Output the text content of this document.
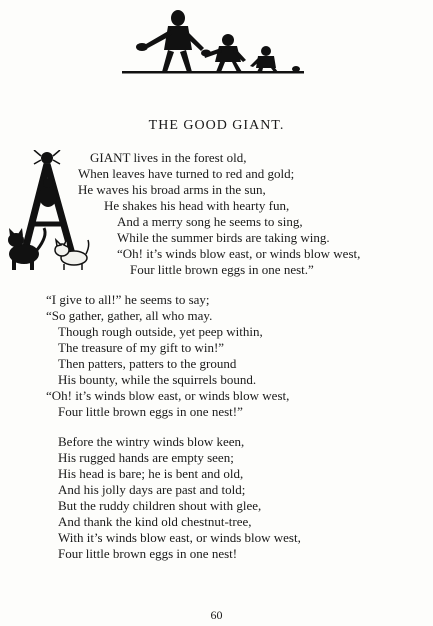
THE GOOD GIANT.
GIANT lives in the forest old,
When leaves have turned to red and gold;
He waves his broad arms in the sun,
He shakes his head with hearty fun,
And a merry song he seems to sing,
While the summer birds are taking wing.
“Oh! it’s winds blow east, or winds blow west,
Four little brown eggs in one nest.”
“I give to all!” he seems to say;
“So gather, gather, all who may.
Though rough outside, yet peep within,
The treasure of my gift to win!”
Then patters, patters to the ground
His bounty, while the squirrels bound.
“Oh! it’s winds blow east, or winds blow west,
Four little brown eggs in one nest!”
Before the wintry winds blow keen,
His rugged hands are empty seen;
His head is bare; he is bent and old,
And his jolly days are past and told;
But the ruddy children shout with glee,
And thank the kind old chestnut-tree,
With it’s winds blow east, or winds blow west,
Four little brown eggs in one nest!
60
